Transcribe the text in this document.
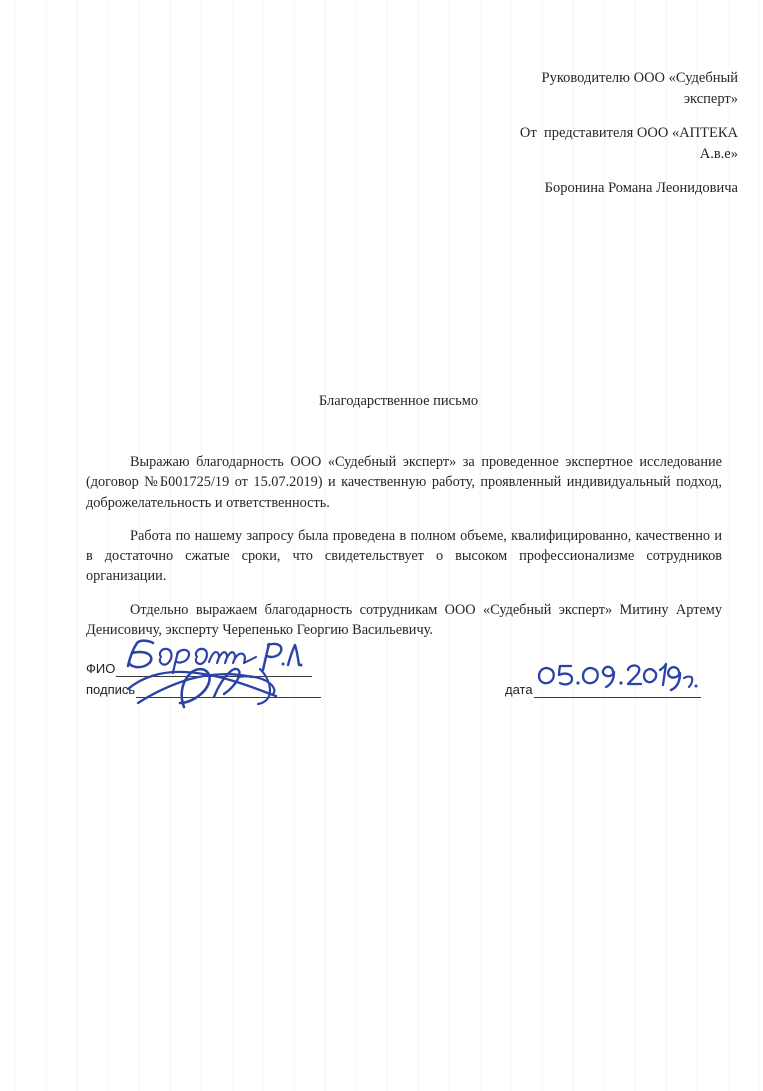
Руководителю ООО «Судебный
эксперт»
От  представителя ООО «АПТЕКА
А.в.е»
Боронина Романа Леонидовича
Благодарственное письмо

Выражаю благодарность ООО «Судебный эксперт» за проведенное экспертное исследование (договор №Б001725/19 от 15.07.2019) и качественную работу, проявленный индивидуальный подход, доброжелательность и ответственность.

Работа по нашему запросу была проведена в полном объеме, квалифицированно, качественно и в достаточно сжатые сроки, что свидетельствует о высоком профессионализме сотрудников организации.

Отдельно выражаем благодарность сотрудникам ООО «Судебный эксперт» Митину Артему Денисовичу, эксперту Черепенько Георгию Васильевичу.

ФИО
подпись	дата
